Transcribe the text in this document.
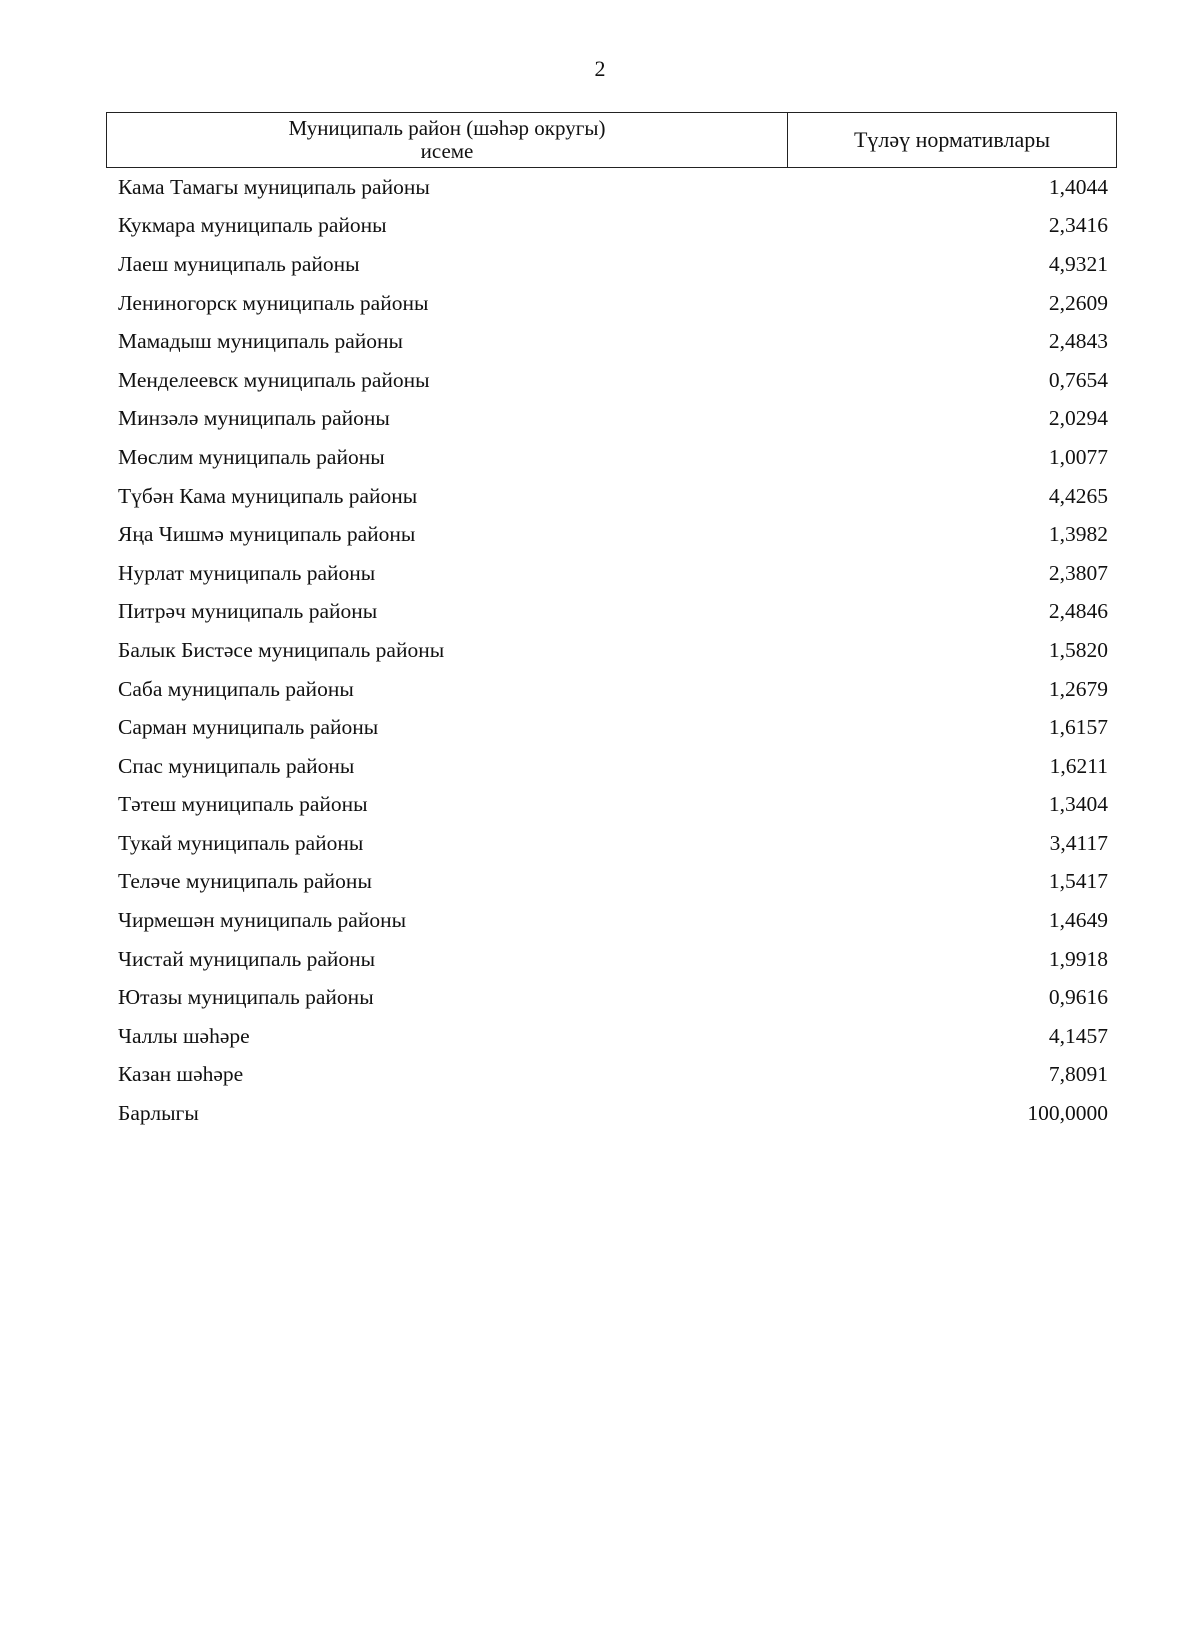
2
Муниципаль район (шәһәр округы)
исеме	Түләү нормативлары
Кама Тамагы муниципаль районы	1,4044
Кукмара муниципаль районы	2,3416
Лаеш муниципаль районы	4,9321
Лениногорск муниципаль районы	2,2609
Мамадыш муниципаль районы	2,4843
Менделеевск муниципаль районы	0,7654
Минзәлә муниципаль районы	2,0294
Мөслим муниципаль районы	1,0077
Түбән Кама муниципаль районы	4,4265
Яңа Чишмә муниципаль районы	1,3982
Нурлат муниципаль районы	2,3807
Питрәч муниципаль районы	2,4846
Балык Бистәсе муниципаль районы	1,5820
Саба муниципаль районы	1,2679
Сарман муниципаль районы	1,6157
Спас муниципаль районы	1,6211
Тәтеш муниципаль районы	1,3404
Тукай муниципаль районы	3,4117
Теләче муниципаль районы	1,5417
Чирмешән муниципаль районы	1,4649
Чистай муниципаль районы	1,9918
Ютазы муниципаль районы	0,9616
Чаллы шәһәре	4,1457
Казан шәһәре	7,8091
Барлыгы	100,0000
